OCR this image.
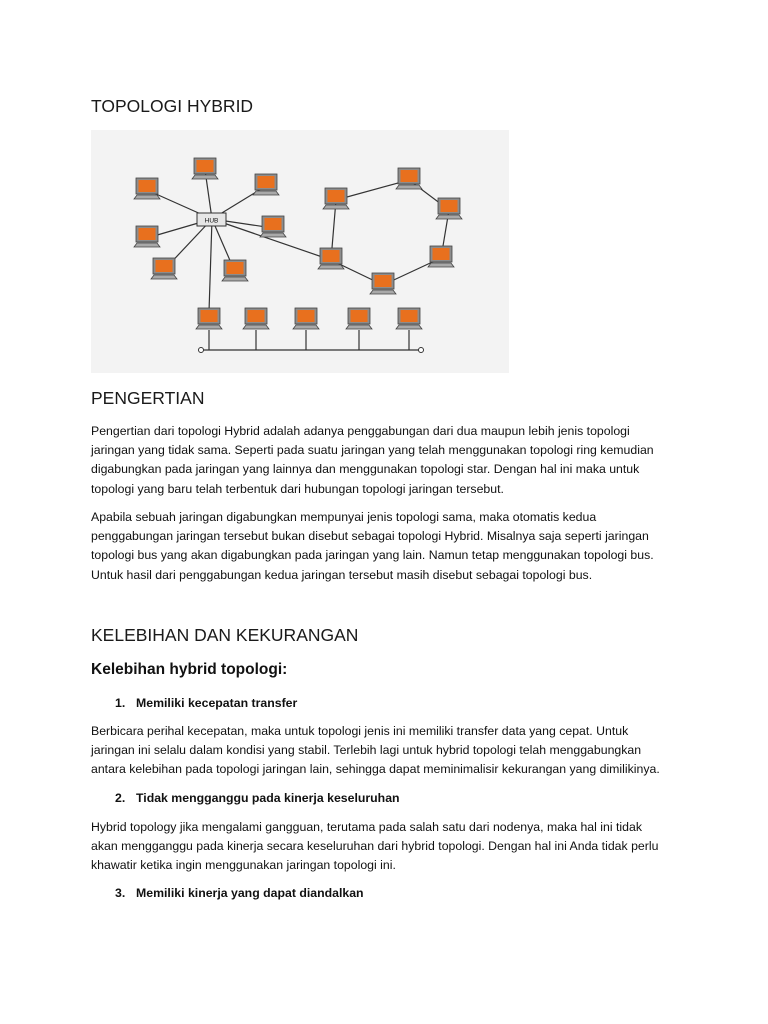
TOPOLOGI HYBRID
HUB
PENGERTIAN
Pengertian dari topologi Hybrid adalah adanya penggabungan dari dua maupun lebih jenis topologi
jaringan yang tidak sama. Seperti pada suatu jaringan yang telah menggunakan topologi ring kemudian
digabungkan pada jaringan yang lainnya dan menggunakan topologi star. Dengan hal ini maka untuk
topologi yang baru telah terbentuk dari hubungan topologi jaringan tersebut.
Apabila sebuah jaringan digabungkan mempunyai jenis topologi sama, maka otomatis kedua
penggabungan jaringan tersebut bukan disebut sebagai topologi Hybrid. Misalnya saja seperti jaringan
topologi bus yang akan digabungkan pada jaringan yang lain. Namun tetap menggunakan topologi bus.
Untuk hasil dari penggabungan kedua jaringan tersebut masih disebut sebagai topologi bus.
KELEBIHAN DAN KEKURANGAN
Kelebihan hybrid topologi:
1. Memiliki kecepatan transfer
Berbicara perihal kecepatan, maka untuk topologi jenis ini memiliki transfer data yang cepat. Untuk
jaringan ini selalu dalam kondisi yang stabil. Terlebih lagi untuk hybrid topologi telah menggabungkan
antara kelebihan pada topologi jaringan lain, sehingga dapat meminimalisir kekurangan yang dimilikinya.
2. Tidak mengganggu pada kinerja keseluruhan
Hybrid topology jika mengalami gangguan, terutama pada salah satu dari nodenya, maka hal ini tidak
akan mengganggu pada kinerja secara keseluruhan dari hybrid topologi. Dengan hal ini Anda tidak perlu
khawatir ketika ingin menggunakan jaringan topologi ini.
3. Memiliki kinerja yang dapat diandalkan
